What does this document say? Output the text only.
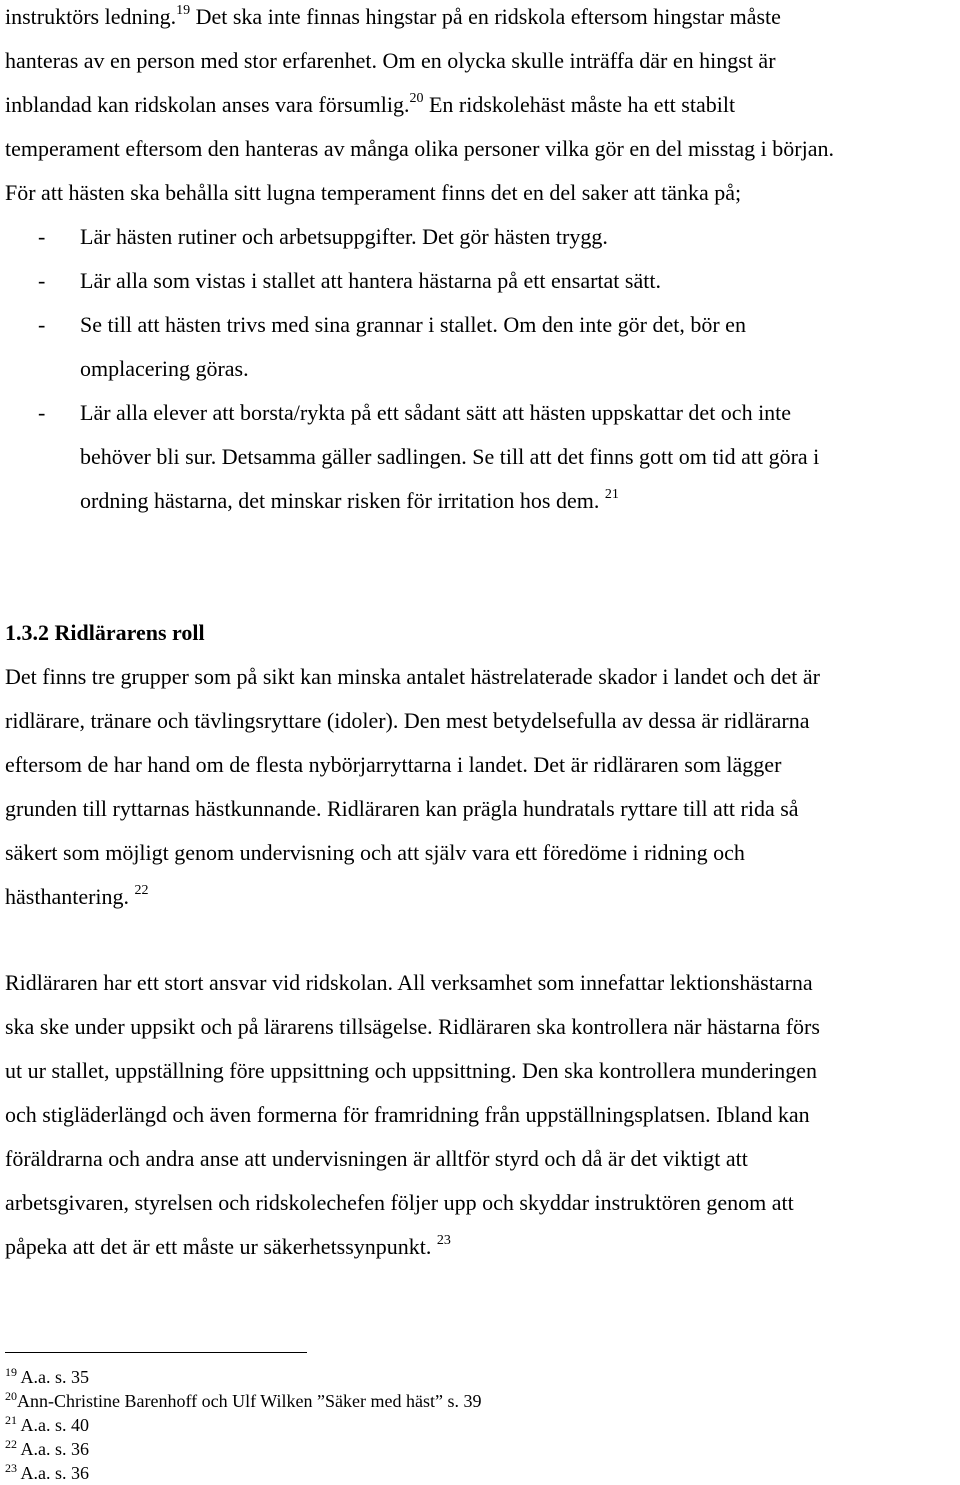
instruktörs ledning.$^{19}$ Det ska inte finnas hingstar på en ridskola eftersom hingstar måste
hanteras av en person med stor erfarenhet. Om en olycka skulle inträffa där en hingst är
inblandad kan ridskolan anses vara försumlig.$^{20}$ En ridskolehäst måste ha ett stabilt
temperament eftersom den hanteras av många olika personer vilka gör en del misstag i början.
För att hästen ska behålla sitt lugna temperament finns det en del saker att tänka på;
- Lär hästen rutiner och arbetsuppgifter. Det gör hästen trygg.
- Lär alla som vistas i stallet att hantera hästarna på ett ensartat sätt.
- Se till att hästen trivs med sina grannar i stallet. Om den inte gör det, bör en
omplacering göras.
- Lär alla elever att borsta/rykta på ett sådant sätt att hästen uppskattar det och inte
behöver bli sur. Detsamma gäller sadlingen. Se till att det finns gott om tid att göra i
ordning hästarna, det minskar risken för irritation hos dem. $^{21}$
1.3.2 Ridlärarens roll
Det finns tre grupper som på sikt kan minska antalet hästrelaterade skador i landet och det är
ridlärare, tränare och tävlingsryttare (idoler). Den mest betydelsefulla av dessa är ridlärarna
eftersom de har hand om de flesta nybörjarryttarna i landet. Det är ridläraren som lägger
grunden till ryttarnas hästkunnande. Ridläraren kan prägla hundratals ryttare till att rida så
säkert som möjligt genom undervisning och att själv vara ett föredöme i ridning och
hästhantering. $^{22}$
Ridläraren har ett stort ansvar vid ridskolan. All verksamhet som innefattar lektionshästarna
ska ske under uppsikt och på lärarens tillsägelse. Ridläraren ska kontrollera när hästarna förs
ut ur stallet, uppställning före uppsittning och uppsittning. Den ska kontrollera munderingen
och stigläderlängd och även formerna för framridning från uppställningsplatsen. Ibland kan
föräldrarna och andra anse att undervisningen är alltför styrd och då är det viktigt att
arbetsgivaren, styrelsen och ridskolechefen följer upp och skyddar instruktören genom att
påpeka att det är ett måste ur säkerhetssynpunkt. $^{23}$
$^{19}$ A.a. s. 35
$^{20}$Ann-Christine Barenhoff och Ulf Wilken ”Säker med häst” s. 39
$^{21}$ A.a. s. 40
$^{22}$ A.a. s. 36
$^{23}$ A.a. s. 36
